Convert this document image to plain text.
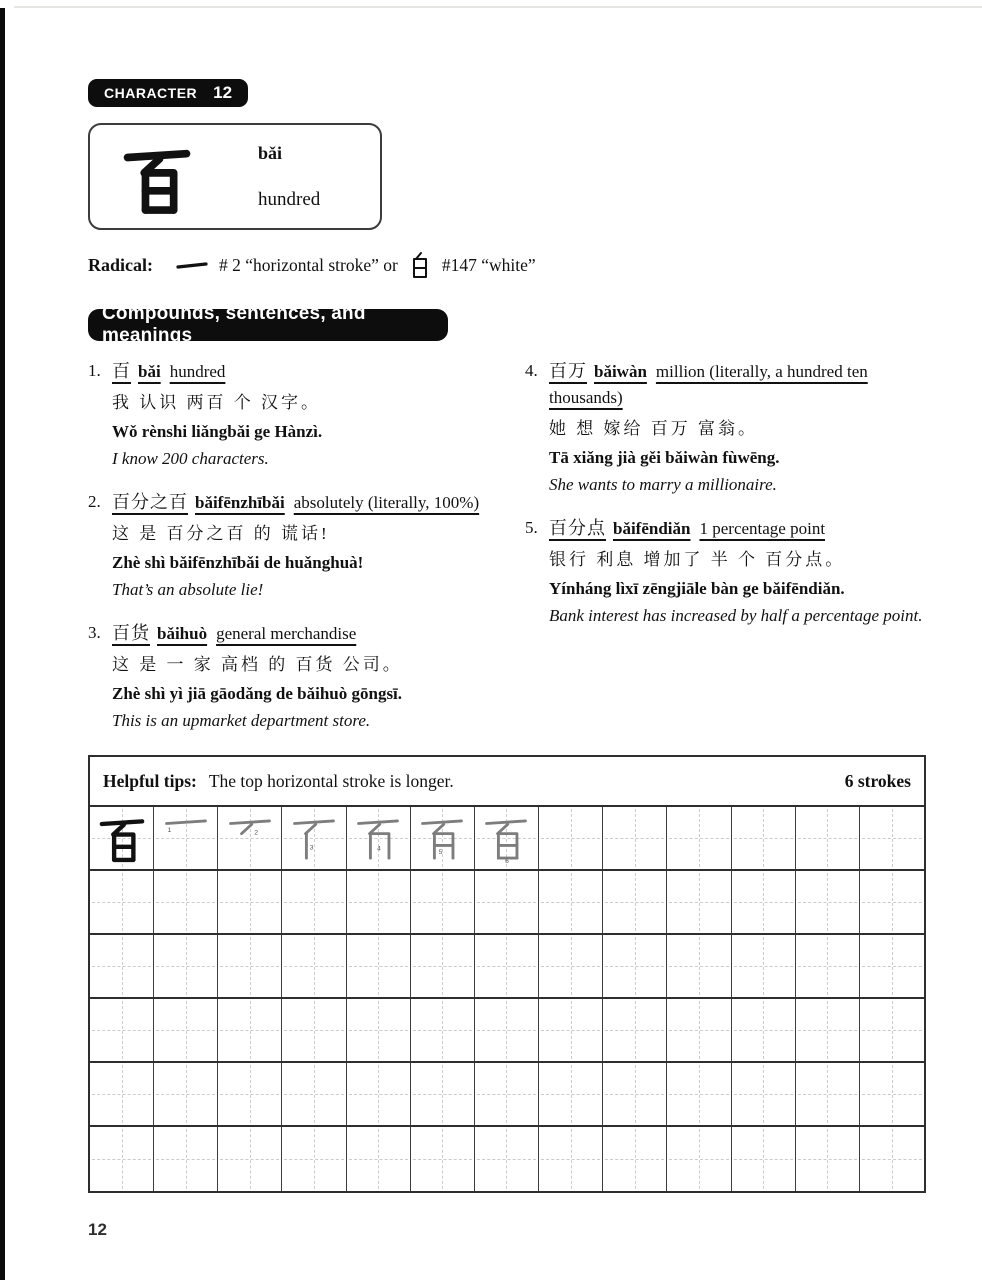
CHARACTER 12
bǎi
hundred
Radical:	# 2 “horizontal stroke” or	#147 “white”
Compounds, sentences, and meanings
1. 百 bǎi hundred
我 认识 两百 个 汉字。
Wǒ rènshi liǎngbǎi ge Hànzì.
I know 200 characters.
2. 百分之百 bǎifēnzhībǎi absolutely (literally, 100%)
这 是 百分之百 的 谎话!
Zhè shì bǎifēnzhībǎi de huǎnghuà!
That’s an absolute lie!
3. 百货 bǎihuò general merchandise
这 是 一 家 高档 的 百货 公司。
Zhè shì yì jiā gāodǎng de bǎihuò gōngsī.
This is an upmarket department store.
4. 百万 bǎiwàn million (literally, a hundred ten thousands)
她 想 嫁给 百万 富翁。
Tā xiǎng jià gěi bǎiwàn fùwēng.
She wants to marry a millionaire.
5. 百分点 bǎifēndiǎn 1 percentage point
银行 利息 增加了 半 个 百分点。
Yínháng lìxī zēngjiāle bàn ge bǎifēndiǎn.
Bank interest has increased by half a percentage point.
Helpful tips: The top horizontal stroke is longer.	6 strokes
1	2
3	4	5
6
12
